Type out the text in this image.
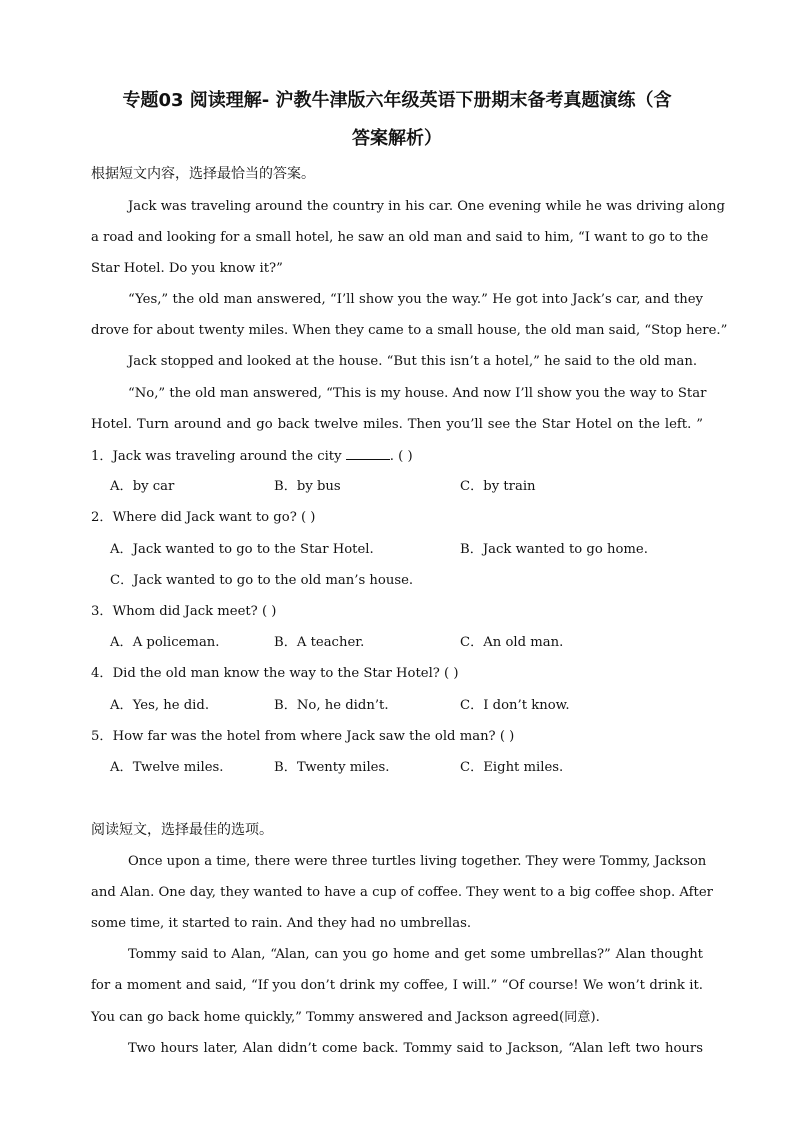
专题03 阅读理解- 沪教牛津版六年级英语下册期末备考真题演练（含
答案解析）
根据短文内容，选择最恰当的答案。
Jack was traveling around the country in his car. One evening while he was driving along
a road and looking for a small hotel, he saw an old man and said to him, “I want to go to the
Star Hotel. Do you know it?”
“Yes,” the old man answered, “I’ll show you the way.” He got into Jack’s car, and they
drove for about twenty miles. When they came to a small house, the old man said, “Stop here.”
Jack stopped and looked at the house. “But this isn’t a hotel,” he said to the old man.
“No,” the old man answered, “This is my house. And now I’ll show you the way to Star
Hotel. Turn around and go back twelve miles. Then you’ll see the Star Hotel on the left. ”
1．Jack was traveling around the city	. ( )
A．by car	B．by bus	C．by train
2．Where did Jack want to go? ( )
A．Jack wanted to go to the Star Hotel.	B．Jack wanted to go home.
C．Jack wanted to go to the old man’s house.
3．Whom did Jack meet? ( )
A．A policeman.	B．A teacher.	C．An old man.
4．Did the old man know the way to the Star Hotel? ( )
A．Yes, he did.	B．No, he didn’t.	C．I don’t know.
5．How far was the hotel from where Jack saw the old man? ( )
A．Twelve miles.	B．Twenty miles.	C．Eight miles.
阅读短文，选择最佳的选项。
Once upon a time, there were three turtles living together. They were Tommy, Jackson
and Alan. One day, they wanted to have a cup of coffee. They went to a big coffee shop. After
some time, it started to rain. And they had no umbrellas.
Tommy said to Alan, “Alan, can you go home and get some umbrellas?” Alan thought
for a moment and said, “If you don’t drink my coffee, I will.” “Of course! We won’t drink it.
You can go back home quickly,” Tommy answered and Jackson agreed(同意).
Two hours later, Alan didn’t come back. Tommy said to Jackson, “Alan left two hours
